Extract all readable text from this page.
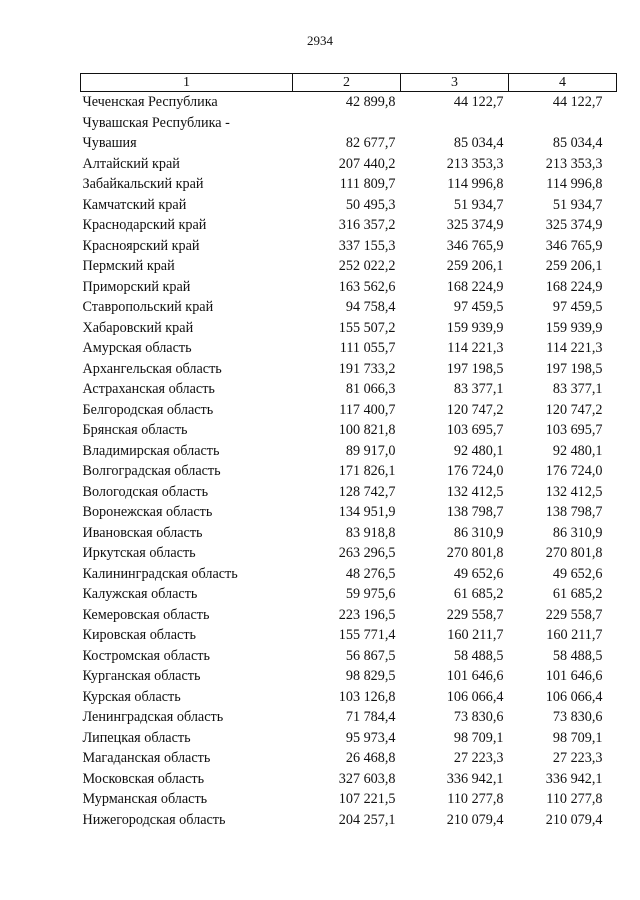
2934
1	2	3	4

Чеченская Республика	42 899,8	44 122,7	44 122,7

Чувашская Республика -
Чувашия	82 677,7	85 034,4	85 034,4

Алтайский край	207 440,2	213 353,3	213 353,3

Забайкальский край	111 809,7	114 996,8	114 996,8

Камчатский край	50 495,3	51 934,7	51 934,7

Краснодарский край	316 357,2	325 374,9	325 374,9

Красноярский край	337 155,3	346 765,9	346 765,9

Пермский край	252 022,2	259 206,1	259 206,1

Приморский край	163 562,6	168 224,9	168 224,9

Ставропольский край	94 758,4	97 459,5	97 459,5

Хабаровский край	155 507,2	159 939,9	159 939,9

Амурская область	111 055,7	114 221,3	114 221,3

Архангельская область	191 733,2	197 198,5	197 198,5

Астраханская область	81 066,3	83 377,1	83 377,1

Белгородская область	117 400,7	120 747,2	120 747,2

Брянская область	100 821,8	103 695,7	103 695,7

Владимирская область	89 917,0	92 480,1	92 480,1

Волгоградская область	171 826,1	176 724,0	176 724,0

Вологодская область	128 742,7	132 412,5	132 412,5

Воронежская область	134 951,9	138 798,7	138 798,7

Ивановская область	83 918,8	86 310,9	86 310,9

Иркутская область	263 296,5	270 801,8	270 801,8

Калининградская область	48 276,5	49 652,6	49 652,6

Калужская область	59 975,6	61 685,2	61 685,2

Кемеровская область	223 196,5	229 558,7	229 558,7

Кировская область	155 771,4	160 211,7	160 211,7

Костромская область	56 867,5	58 488,5	58 488,5

Курганская область	98 829,5	101 646,6	101 646,6

Курская область	103 126,8	106 066,4	106 066,4

Ленинградская область	71 784,4	73 830,6	73 830,6

Липецкая область	95 973,4	98 709,1	98 709,1

Магаданская область	26 468,8	27 223,3	27 223,3

Московская область	327 603,8	336 942,1	336 942,1

Мурманская область	107 221,5	110 277,8	110 277,8

Нижегородская область	204 257,1	210 079,4	210 079,4
